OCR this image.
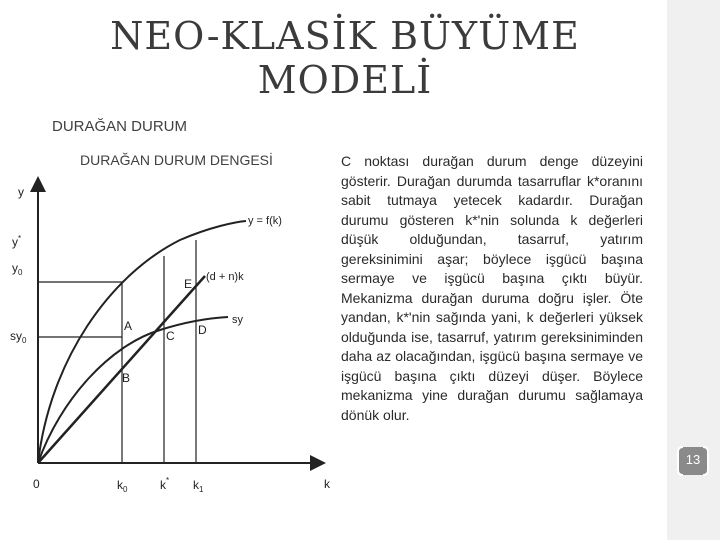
NEO-KLASİK BÜYÜME MODELİ
DURAĞAN DURUM
DURAĞAN DURUM DENGESİ
13
C noktası durağan durum denge düzeyini gösterir. Durağan durumda tasarruflar k*oranını sabit tutmaya yetecek kadardır. Durağan durumu gösteren k*'nin solunda k değerleri düşük olduğundan, tasarruf, yatırım gereksinimini aşar; böylece işgücü başına sermaye ve işgücü başına çıktı büyür. Mekanizma durağan duruma doğru işler. Öte yandan, k*'nin sağında yani, k değerleri yüksek olduğunda ise, tasarruf, yatırım gereksiniminden daha az olacağından, işgücü başına sermaye ve işgücü başına çıktı düzeyi düşer. Böylece mekanizma yine durağan durumu sağlamaya dönük olur.
y
k
0
y*
$y_0$
$sy_0$
$k_0$	k* $k_1$
y = f(k)
(d + n)k
sy
A
B
C D
E
